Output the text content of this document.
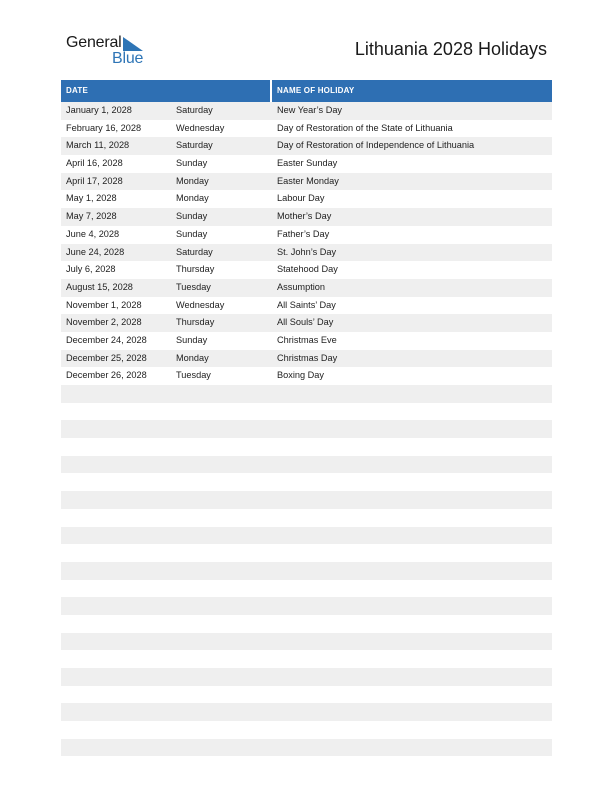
General
Blue	Lithuania 2028 Holidays
DATE	NAME OF HOLIDAY
January 1, 2028	Saturday	New Year’s Day
February 16, 2028	Wednesday	Day of Restoration of the State of Lithuania
March 11, 2028	Saturday	Day of Restoration of Independence of Lithuania
April 16, 2028	Sunday	Easter Sunday
April 17, 2028	Monday	Easter Monday
May 1, 2028	Monday	Labour Day
May 7, 2028	Sunday	Mother’s Day
June 4, 2028	Sunday	Father’s Day
June 24, 2028	Saturday	St. John’s Day
July 6, 2028	Thursday	Statehood Day
August 15, 2028	Tuesday	Assumption
November 1, 2028	Wednesday	All Saints’ Day
November 2, 2028	Thursday	All Souls’ Day
December 24, 2028	Sunday	Christmas Eve
December 25, 2028	Monday	Christmas Day
December 26, 2028	Tuesday	Boxing Day
